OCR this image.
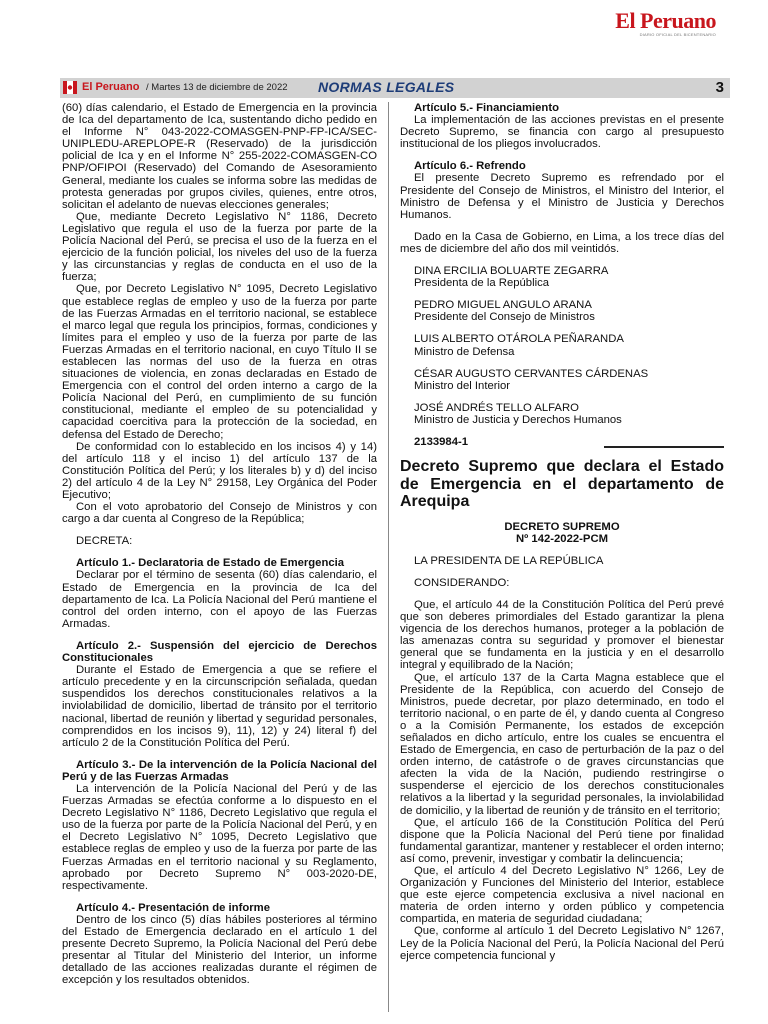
El Peruano
DIARIO OFICIAL DEL BICENTENARIO
El Peruano / Martes 13 de diciembre de 2022 NORMAS LEGALES	3

(60) días calendario, el Estado de Emergencia en la provincia de Ica del departamento de Ica, sustentando dicho pedido en el Informe N° 043-2022-COMASGEN-PNP-FP-ICA/SEC-UNIPLEDU-AREPLOPE-R (Reservado) de la jurisdicción policial de Ica y en el Informe N° 255-2022-COMASGEN-CO PNP/OFIPOI (Reservado) del Comando de Asesoramiento General, mediante los cuales se informa sobre las medidas de protesta generadas por grupos civiles, quienes, entre otros, solicitan el adelanto de nuevas elecciones generales;

Que, mediante Decreto Legislativo N° 1186, Decreto Legislativo que regula el uso de la fuerza por parte de la Policía Nacional del Perú, se precisa el uso de la fuerza en el ejercicio de la función policial, los niveles del uso de la fuerza y las circunstancias y reglas de conducta en el uso de la fuerza;

Que, por Decreto Legislativo N° 1095, Decreto Legislativo que establece reglas de empleo y uso de la fuerza por parte de las Fuerzas Armadas en el territorio nacional, se establece el marco legal que regula los principios, formas, condiciones y límites para el empleo y uso de la fuerza por parte de las Fuerzas Armadas en el territorio nacional, en cuyo Título II se establecen las normas del uso de la fuerza en otras situaciones de violencia, en zonas declaradas en Estado de Emergencia con el control del orden interno a cargo de la Policía Nacional del Perú, en cumplimiento de su función constitucional, mediante el empleo de su potencialidad y capacidad coercitiva para la protección de la sociedad, en defensa del Estado de Derecho;

De conformidad con lo establecido en los incisos 4) y 14) del artículo 118 y el inciso 1) del artículo 137 de la Constitución Política del Perú; y los literales b) y d) del inciso 2) del artículo 4 de la Ley N° 29158, Ley Orgánica del Poder Ejecutivo;

Con el voto aprobatorio del Consejo de Ministros y con cargo a dar cuenta al Congreso de la República;

DECRETA:

Artículo 1.- Declaratoria de Estado de Emergencia

Declarar por el término de sesenta (60) días calendario, el Estado de Emergencia en la provincia de Ica del departamento de Ica. La Policía Nacional del Perú mantiene el control del orden interno, con el apoyo de las Fuerzas Armadas.

Artículo 2.- Suspensión del ejercicio de Derechos Constitucionales

Durante el Estado de Emergencia a que se refiere el artículo precedente y en la circunscripción señalada, quedan suspendidos los derechos constitucionales relativos a la inviolabilidad de domicilio, libertad de tránsito por el territorio nacional, libertad de reunión y libertad y seguridad personales, comprendidos en los incisos 9), 11), 12) y 24) literal f) del artículo 2 de la Constitución Política del Perú.

Artículo 3.- De la intervención de la Policía Nacional del Perú y de las Fuerzas Armadas

La intervención de la Policía Nacional del Perú y de las Fuerzas Armadas se efectúa conforme a lo dispuesto en el Decreto Legislativo N° 1186, Decreto Legislativo que regula el uso de la fuerza por parte de la Policía Nacional del Perú, y en el Decreto Legislativo N° 1095, Decreto Legislativo que establece reglas de empleo y uso de la fuerza por parte de las Fuerzas Armadas en el territorio nacional y su Reglamento, aprobado por Decreto Supremo N° 003-2020-DE, respectivamente.

Artículo 4.- Presentación de informe

Dentro de los cinco (5) días hábiles posteriores al término del Estado de Emergencia declarado en el artículo 1 del presente Decreto Supremo, la Policía Nacional del Perú debe presentar al Titular del Ministerio del Interior, un informe detallado de las acciones realizadas durante el régimen de excepción y los resultados obtenidos.

Artículo 5.- Financiamiento

La implementación de las acciones previstas en el presente Decreto Supremo, se financia con cargo al presupuesto institucional de los pliegos involucrados.

Artículo 6.- Refrendo

El presente Decreto Supremo es refrendado por el Presidente del Consejo de Ministros, el Ministro del Interior, el Ministro de Defensa y el Ministro de Justicia y Derechos Humanos.

Dado en la Casa de Gobierno, en Lima, a los trece días del mes de diciembre del año dos mil veintidós.

DINA ERCILIA BOLUARTE ZEGARRA

Presidenta de la República

PEDRO MIGUEL ANGULO ARANA

Presidente del Consejo de Ministros

LUIS ALBERTO OTÁROLA PEÑARANDA

Ministro de Defensa

CÉSAR AUGUSTO CERVANTES CÁRDENAS

Ministro del Interior

JOSÉ ANDRÉS TELLO ALFARO

Ministro de Justicia y Derechos Humanos

2133984-1

Decreto Supremo que declara el Estado de Emergencia en el departamento de Arequipa

DECRETO SUPREMO

Nº 142-2022-PCM

LA PRESIDENTA DE LA REPÚBLICA

CONSIDERANDO:

Que, el artículo 44 de la Constitución Política del Perú prevé que son deberes primordiales del Estado garantizar la plena vigencia de los derechos humanos, proteger a la población de las amenazas contra su seguridad y promover el bienestar general que se fundamenta en la justicia y en el desarrollo integral y equilibrado de la Nación;

Que, el artículo 137 de la Carta Magna establece que el Presidente de la República, con acuerdo del Consejo de Ministros, puede decretar, por plazo determinado, en todo el territorio nacional, o en parte de él, y dando cuenta al Congreso o a la Comisión Permanente, los estados de excepción señalados en dicho artículo, entre los cuales se encuentra el Estado de Emergencia, en caso de perturbación de la paz o del orden interno, de catástrofe o de graves circunstancias que afecten la vida de la Nación, pudiendo restringirse o suspenderse el ejercicio de los derechos constitucionales relativos a la libertad y la seguridad personales, la inviolabilidad de domicilio, y la libertad de reunión y de tránsito en el territorio;

Que, el artículo 166 de la Constitución Política del Perú dispone que la Policía Nacional del Perú tiene por finalidad fundamental garantizar, mantener y restablecer el orden interno; así como, prevenir, investigar y combatir la delincuencia;

Que, el artículo 4 del Decreto Legislativo N° 1266, Ley de Organización y Funciones del Ministerio del Interior, establece que este ejerce competencia exclusiva a nivel nacional en materia de orden interno y orden público y competencia compartida, en materia de seguridad ciudadana;

Que, conforme al artículo 1 del Decreto Legislativo N° 1267, Ley de la Policía Nacional del Perú, la Policía Nacional del Perú ejerce competencia funcional y
